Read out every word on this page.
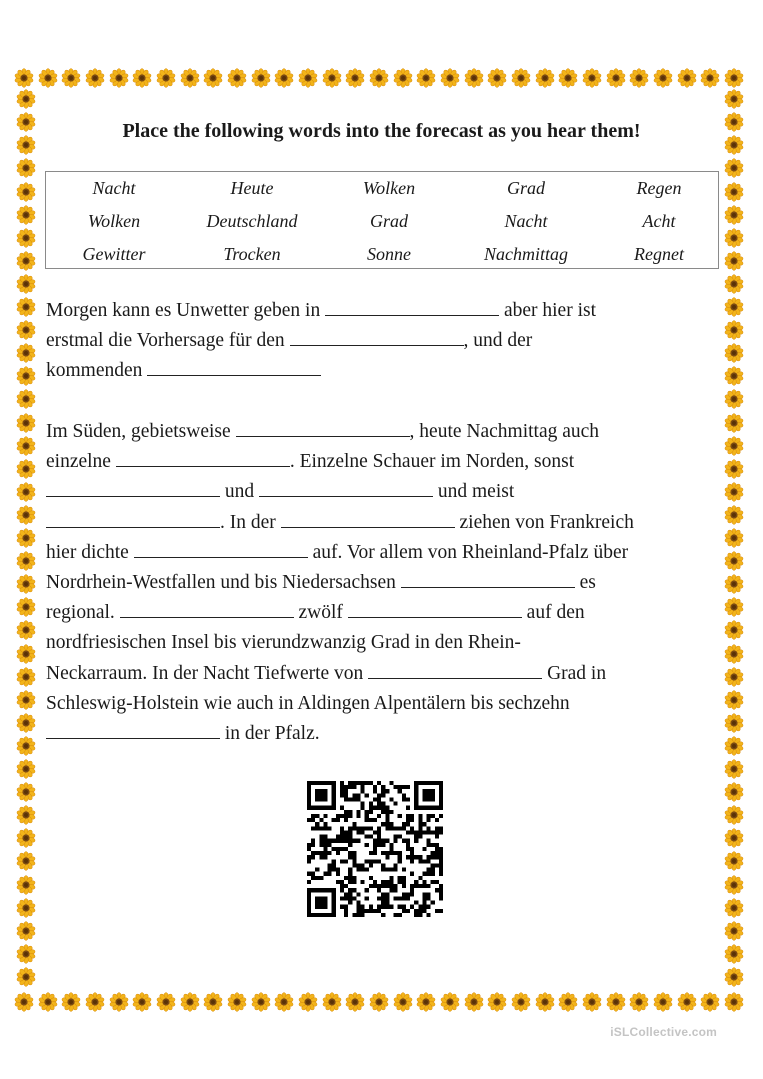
Place the following words into the forecast as you hear them!
Nacht	Heute	Wolken	Grad	Regen
Wolken	Deutschland	Grad	Nacht	Acht
Gewitter	Trocken	Sonne	Nachmittag	Regnet
Morgen kann es Unwetter geben in	aber hier ist
erstmal die Vorhersage für den	, und der
kommenden
Im Süden, gebietsweise	, heute Nachmittag auch
einzelne	. Einzelne Schauer im Norden, sonst
und	und meist
. In der	ziehen von Frankreich
hier dichte	auf. Vor allem von Rheinland-Pfalz über
Nordrhein-Westfallen und bis Niedersachsen	es
regional.	zwölf	auf den
nordfriesischen Insel bis vierundzwanzig Grad in den Rhein-
Neckarraum. In der Nacht Tiefwerte von	Grad in
Schleswig-Holstein wie auch in Aldingen Alpentälern bis sechzehn
in der Pfalz.
iSLCollective.com
